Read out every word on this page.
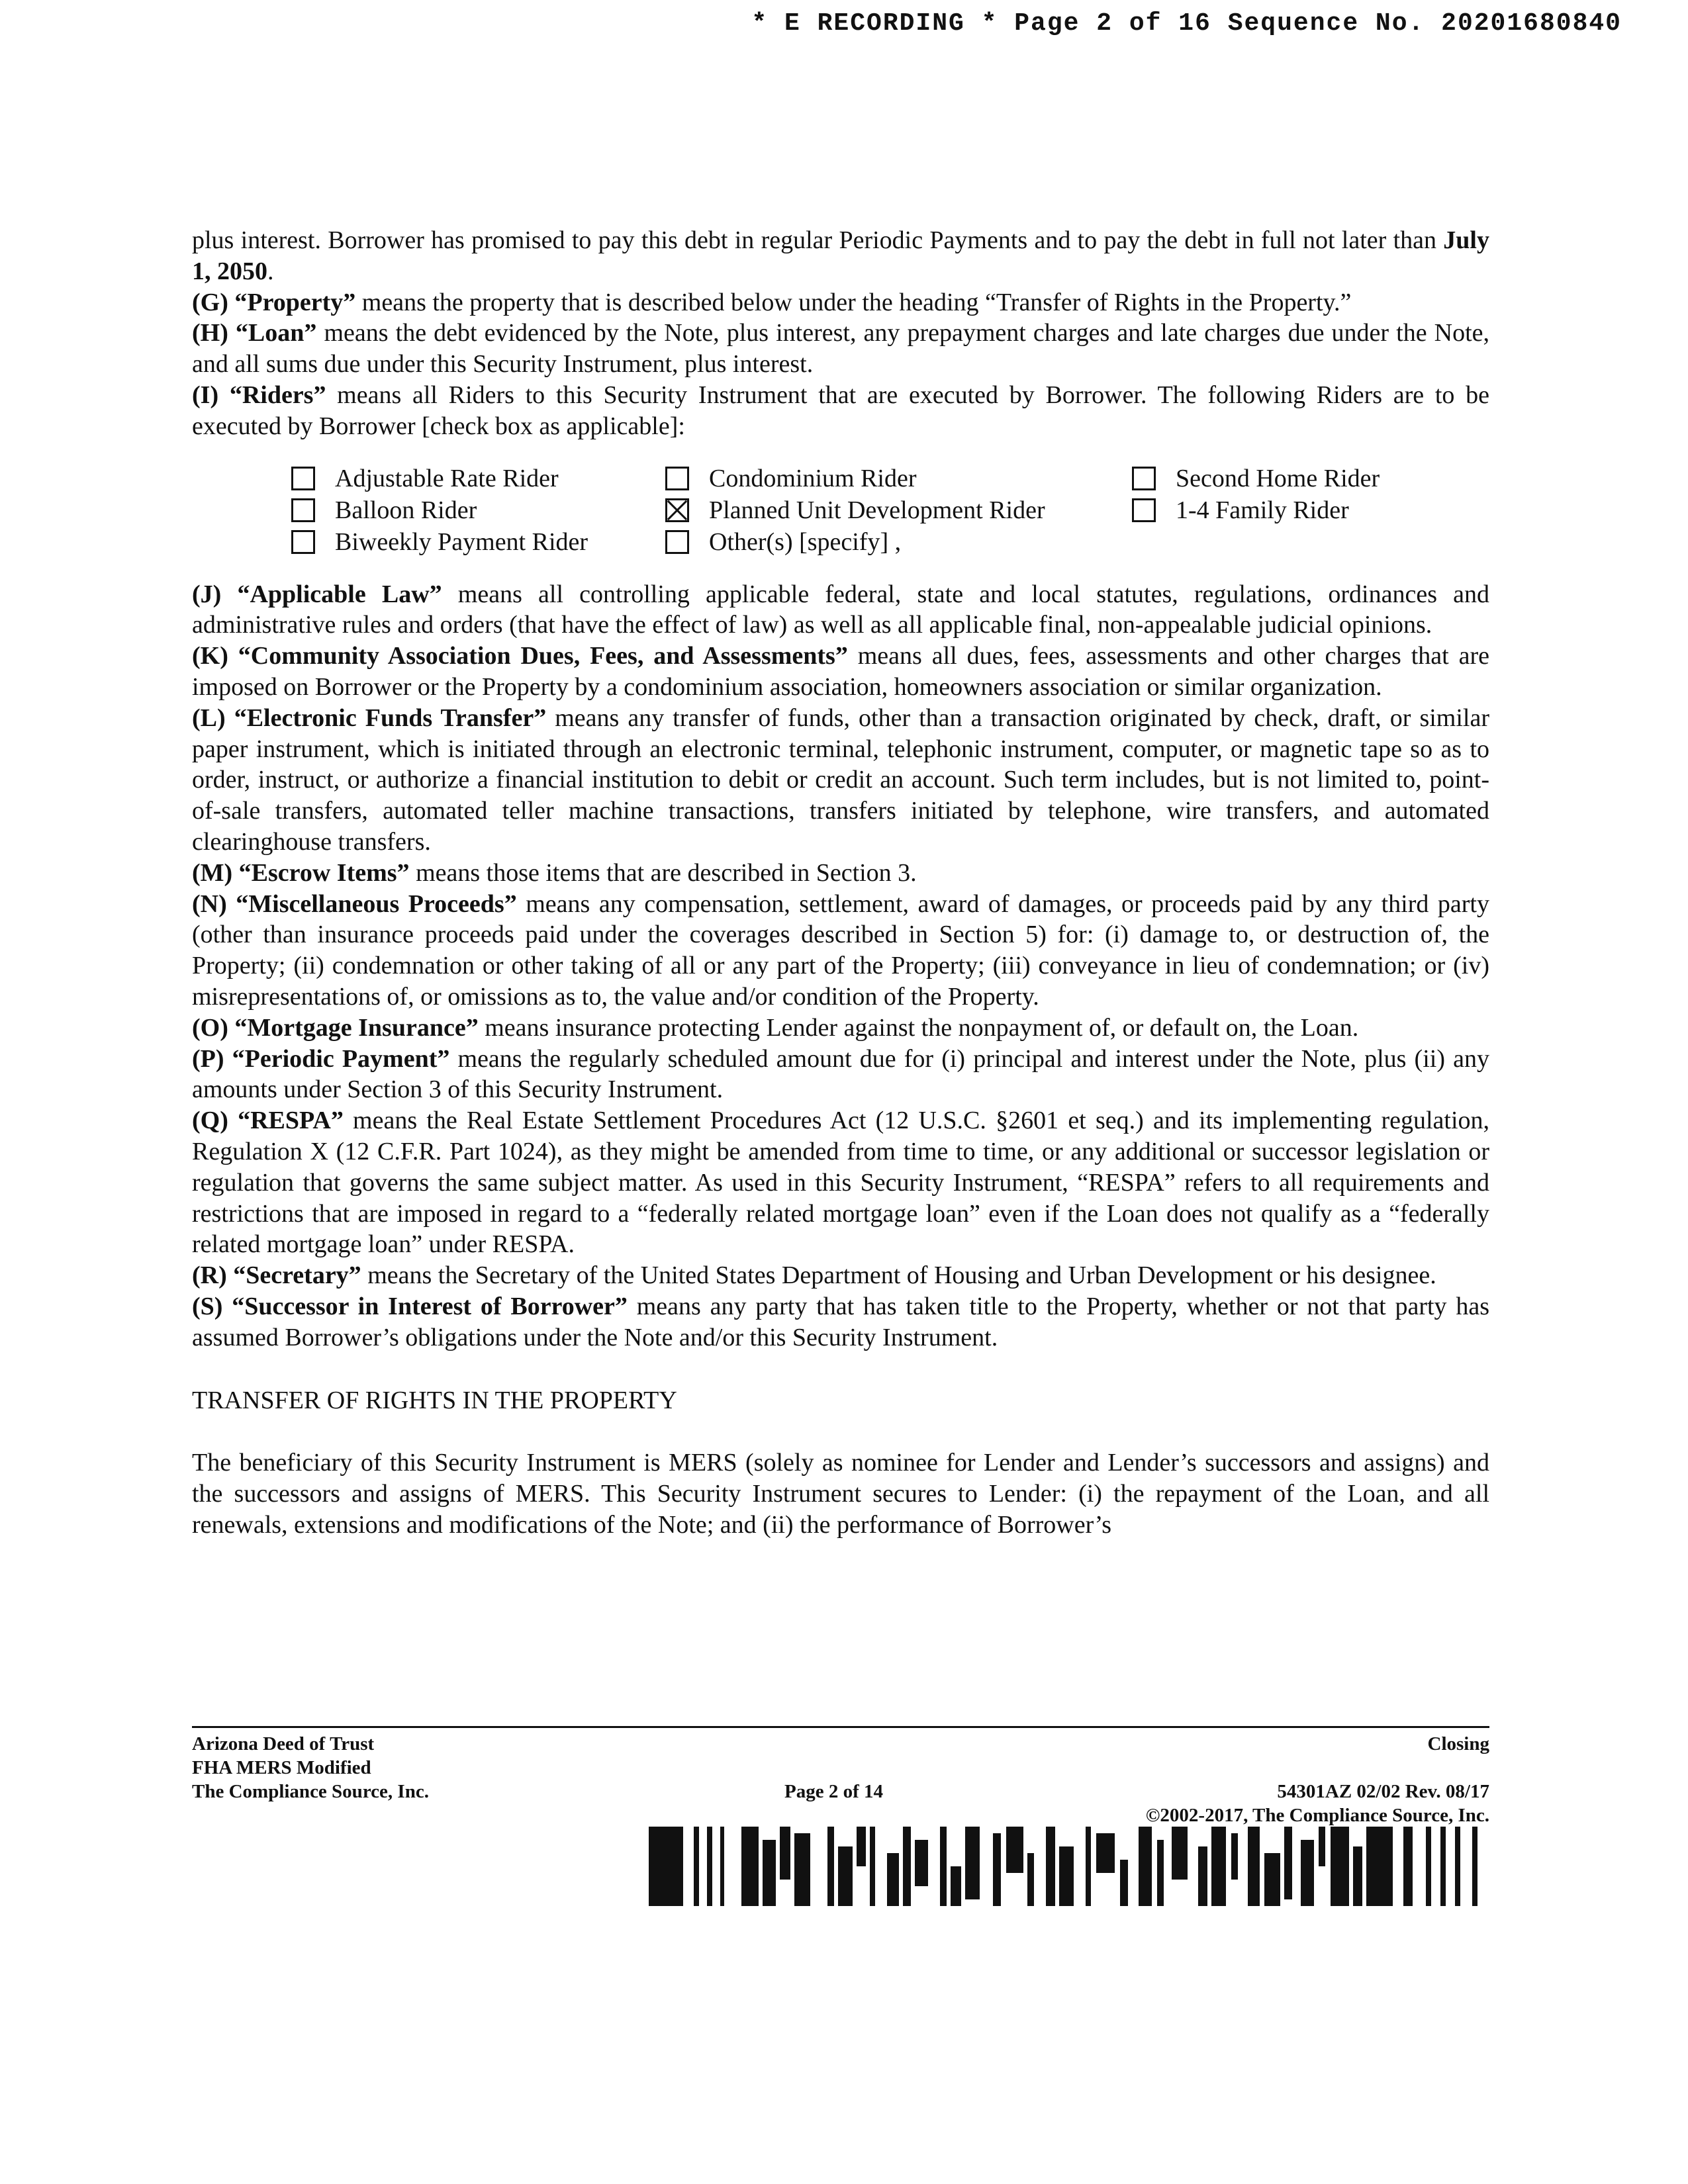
* E RECORDING * Page 2 of 16 Sequence No. 20201680840

plus interest. Borrower has promised to pay this debt in regular Periodic Payments and to pay the debt in full not later than July 1, 2050.

(G) “Property” means the property that is described below under the heading “Transfer of Rights in the Property.”

(H) “Loan” means the debt evidenced by the Note, plus interest, any prepayment charges and late charges due under the Note, and all sums due under this Security Instrument, plus interest.

(I) “Riders” means all Riders to this Security Instrument that are executed by Borrower. The following Riders are to be executed by Borrower [check box as applicable]:

Adjustable Rate Rider	Condominium Rider	Second Home Rider
Balloon Rider	Planned Unit Development Rider	1-4 Family Rider
Biweekly Payment Rider	Other(s) [specify] ,

(J) “Applicable Law” means all controlling applicable federal, state and local statutes, regulations, ordinances and administrative rules and orders (that have the effect of law) as well as all applicable final, non-appealable judicial opinions.

(K) “Community Association Dues, Fees, and Assessments” means all dues, fees, assessments and other charges that are imposed on Borrower or the Property by a condominium association, homeowners association or similar organization.

(L) “Electronic Funds Transfer” means any transfer of funds, other than a transaction originated by check, draft, or similar paper instrument, which is initiated through an electronic terminal, telephonic instrument, computer, or magnetic tape so as to order, instruct, or authorize a financial institution to debit or credit an account. Such term includes, but is not limited to, point-of-sale transfers, automated teller machine transactions, transfers initiated by telephone, wire transfers, and automated clearinghouse transfers.

(M) “Escrow Items” means those items that are described in Section 3.

(N) “Miscellaneous Proceeds” means any compensation, settlement, award of damages, or proceeds paid by any third party (other than insurance proceeds paid under the coverages described in Section 5) for: (i) damage to, or destruction of, the Property; (ii) condemnation or other taking of all or any part of the Property; (iii) conveyance in lieu of condemnation; or (iv) misrepresentations of, or omissions as to, the value and/or condition of the Property.

(O) “Mortgage Insurance” means insurance protecting Lender against the nonpayment of, or default on, the Loan.

(P) “Periodic Payment” means the regularly scheduled amount due for (i) principal and interest under the Note, plus (ii) any amounts under Section 3 of this Security Instrument.

(Q) “RESPA” means the Real Estate Settlement Procedures Act (12 U.S.C. §2601 et seq.) and its implementing regulation, Regulation X (12 C.F.R. Part 1024), as they might be amended from time to time, or any additional or successor legislation or regulation that governs the same subject matter. As used in this Security Instrument, “RESPA” refers to all requirements and restrictions that are imposed in regard to a “federally related mortgage loan” even if the Loan does not qualify as a “federally related mortgage loan” under RESPA.

(R) “Secretary” means the Secretary of the United States Department of Housing and Urban Development or his designee.

(S) “Successor in Interest of Borrower” means any party that has taken title to the Property, whether or not that party has assumed Borrower’s obligations under the Note and/or this Security Instrument.

TRANSFER OF RIGHTS IN THE PROPERTY

The beneficiary of this Security Instrument is MERS (solely as nominee for Lender and Lender’s successors and assigns) and the successors and assigns of MERS. This Security Instrument secures to Lender: (i) the repayment of the Loan, and all renewals, extensions and modifications of the Note; and (ii) the performance of Borrower’s

Arizona Deed of Trust
FHA MERS Modified
The Compliance Source, Inc.
Closing
Page 2 of 14	54301AZ 02/02 Rev. 08/17
©2002-2017, The Compliance Source, Inc.
